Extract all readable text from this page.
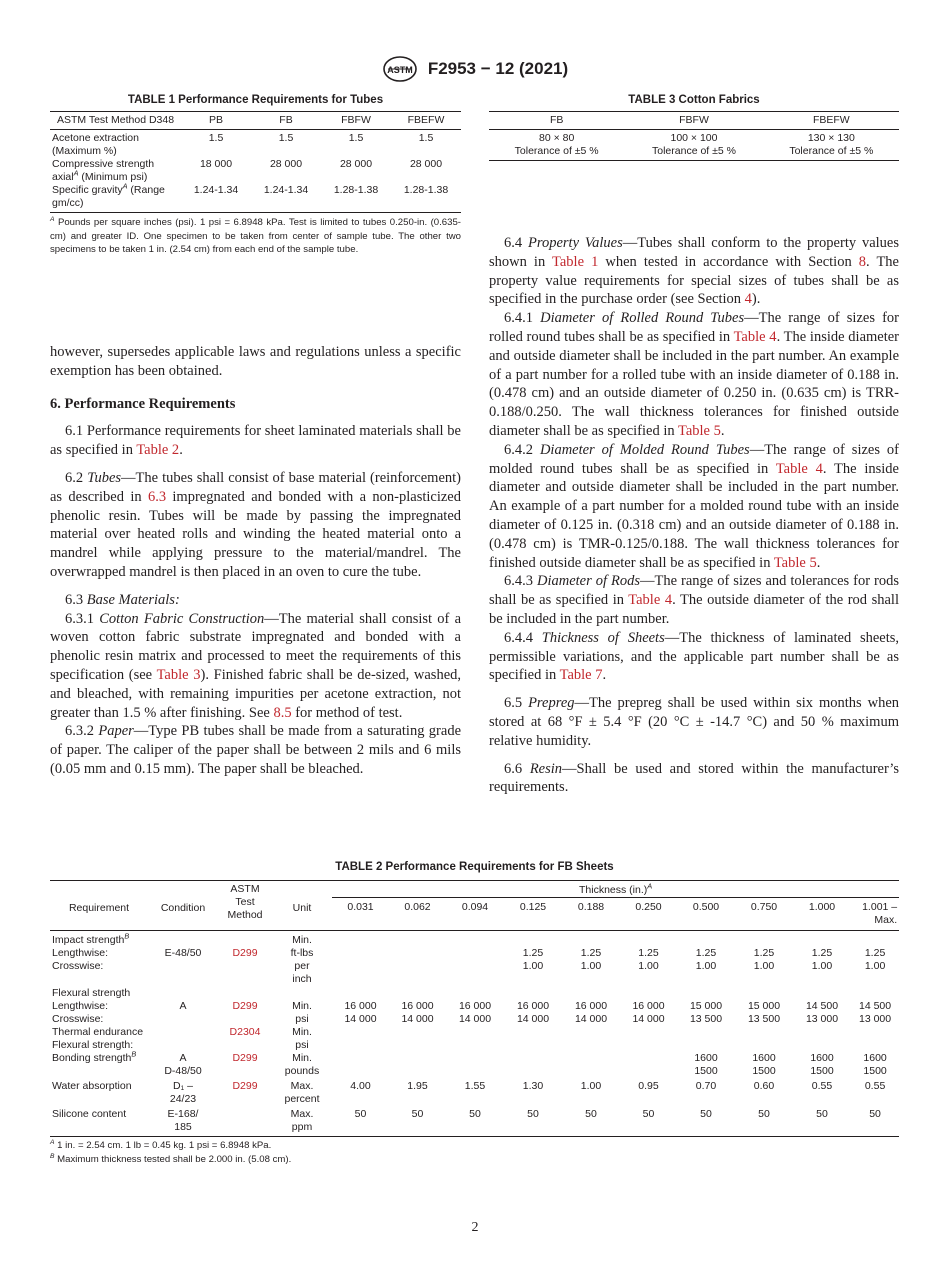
ASTM F2953 − 12 (2021)
TABLE 1 Performance Requirements for Tubes
ASTM Test Method D348	PB	FB	FBFW	FBEFW
Acetone extraction (Maximum %)	1.5	1.5	1.5	1.5
Compressive strength axial$^A$ (Minimum psi)	18 000	28 000	28 000	28 000
Specific gravity$^A$ (Range gm/cc)	1.24-1.34	1.24-1.34	1.28-1.38	1.28-1.38
$^A$ Pounds per square inches (psi). 1 psi = 6.8948 kPa. Test is limited to tubes 0.250-in. (0.635-cm) and greater ID. One specimen to be taken from center of sample tube. The other two specimens to be taken 1 in. (2.54 cm) from each end of the sample tube.
TABLE 3 Cotton Fabrics
FB	FBFW	FBEFW
80 × 80	100 × 100	130 × 130
Tolerance of ±5 %	Tolerance of ±5 %	Tolerance of ±5 %

however, supersedes applicable laws and regulations unless a specific exemption has been obtained.

6. Performance Requirements

6.1 Performance requirements for sheet laminated materials shall be as specified in Table 2.

6.2 Tubes—The tubes shall consist of base material (reinforcement) as described in 6.3 impregnated and bonded with a non-plasticized phenolic resin. Tubes will be made by passing the impregnated material over heated rolls and winding the heated material onto a mandrel while applying pressure to the material/mandrel. The overwrapped mandrel is then placed in an oven to cure the tube.

6.3 Base Materials:

6.3.1 Cotton Fabric Construction—The material shall consist of a woven cotton fabric substrate impregnated and bonded with a phenolic resin matrix and processed to meet the requirements of this specification (see Table 3). Finished fabric shall be de-sized, washed, and bleached, with remaining impurities per acetone extraction, not greater than 1.5 % after finishing. See 8.5 for method of test.

6.3.2 Paper—Type PB tubes shall be made from a saturating grade of paper. The caliper of the paper shall be between 2 mils and 6 mils (0.05 mm and 0.15 mm). The paper shall be bleached.

6.4 Property Values—Tubes shall conform to the property values shown in Table 1 when tested in accordance with Section 8. The property value requirements for special sizes of tubes shall be as specified in the purchase order (see Section 4).

6.4.1 Diameter of Rolled Round Tubes—The range of sizes for rolled round tubes shall be as specified in Table 4. The inside diameter and outside diameter shall be included in the part number. An example of a part number for a rolled tube with an inside diameter of 0.188 in. (0.478 cm) and an outside diameter of 0.250 in. (0.635 cm) is TRR-0.188/0.250. The wall thickness tolerances for finished outside diameter shall be as specified in Table 5.

6.4.2 Diameter of Molded Round Tubes—The range of sizes of molded round tubes shall be as specified in Table 4. The inside diameter and outside diameter shall be included in the part number. An example of a part number for a molded round tube with an inside diameter of 0.125 in. (0.318 cm) and an outside diameter of 0.188 in. (0.478 cm) is TMR-0.125/0.188. The wall thickness tolerances for finished outside diameter shall be as specified in Table 5.

6.4.3 Diameter of Rods—The range of sizes and tolerances for rods shall be as specified in Table 4. The outside diameter of the rod shall be included in the part number.

6.4.4 Thickness of Sheets—The thickness of laminated sheets, permissible variations, and the applicable part number shall be as specified in Table 7.

6.5 Prepreg—The prepreg shall be used within six months when stored at 68 °F ± 5.4 °F (20 °C ± -14.7 °C) and 50 % maximum relative humidity.

6.6 Resin—Shall be used and stored within the manufacturer’s requirements.

TABLE 2 Performance Requirements for FB Sheets
Requirement	Condition	ASTM Test Method	Unit	Thickness $(in.)^A$
				0.031	0.062	0.094	0.125	0.188	0.250	0.500	0.750	1.000	1.001 – Max.
Impact strength$^B$			Min.										
Lengthwise:	E-48/50	D299	ft-lbs				1.25	1.25	1.25	1.25	1.25	1.25	1.25
Crosswise:			per				1.00	1.00	1.00	1.00	1.00	1.00	1.00
			inch										
Flexural strength													
Lengthwise:	A	D299	Min.	16 000	16 000	16 000	16 000	16 000	16 000	15 000	15 000	14 500	14 500
Crosswise:			psi	14 000	14 000	14 000	14 000	14 000	14 000	13 500	13 500	13 000	13 000
Thermal endurance		D2304	Min.										
Flexural strength:			psi										
Bonding strength$^B$	A	D299	Min.							1600	1600	1600	1600
	D-48/50		pounds							1500	1500	1500	1500
Water absorption	D₁ –	D299	Max.	4.00	1.95	1.55	1.30	1.00	0.95	0.70	0.60	0.55	0.55
	24/23		percent										
Silicone content	E-168/		Max.	50	50	50	50	50	50	50	50	50	50
	185		ppm										
$^A$ 1 in. = 2.54 cm. 1 lb = 0.45 kg. 1 psi = 6.8948 kPa.
$^B$ Maximum thickness tested shall be 2.000 in. (5.08 cm).
2
